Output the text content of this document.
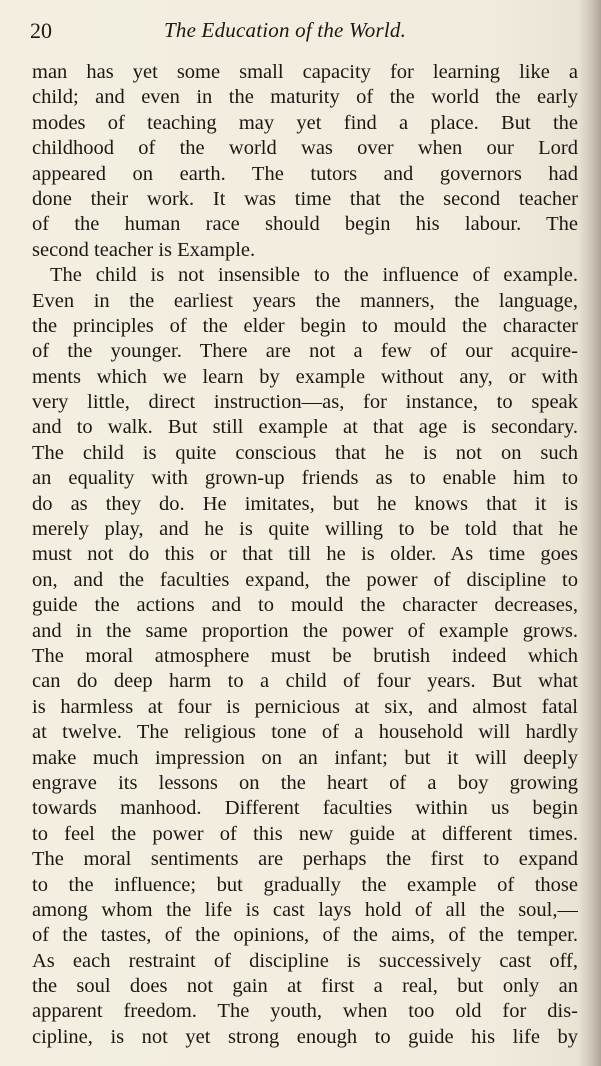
20	The Education of the World.
man has yet some small capacity for learning like a
child; and even in the maturity of the world the early
modes of teaching may yet find a place. But the
childhood of the world was over when our Lord
appeared on earth. The tutors and governors had
done their work. It was time that the second teacher
of the human race should begin his labour. The
second teacher is Example.
The child is not insensible to the influence of example.
Even in the earliest years the manners, the language,
the principles of the elder begin to mould the character
of the younger. There are not a few of our acquire-
ments which we learn by example without any, or with
very little, direct instruction—as, for instance, to speak
and to walk. But still example at that age is secondary.
The child is quite conscious that he is not on such
an equality with grown-up friends as to enable him to
do as they do. He imitates, but he knows that it is
merely play, and he is quite willing to be told that he
must not do this or that till he is older. As time goes
on, and the faculties expand, the power of discipline to
guide the actions and to mould the character decreases,
and in the same proportion the power of example grows.
The moral atmosphere must be brutish indeed which
can do deep harm to a child of four years. But what
is harmless at four is pernicious at six, and almost fatal
at twelve. The religious tone of a household will hardly
make much impression on an infant; but it will deeply
engrave its lessons on the heart of a boy growing
towards manhood. Different faculties within us begin
to feel the power of this new guide at different times.
The moral sentiments are perhaps the first to expand
to the influence; but gradually the example of those
among whom the life is cast lays hold of all the soul,—
of the tastes, of the opinions, of the aims, of the temper.
As each restraint of discipline is successively cast off,
the soul does not gain at first a real, but only an
apparent freedom. The youth, when too old for dis-
cipline, is not yet strong enough to guide his life by
